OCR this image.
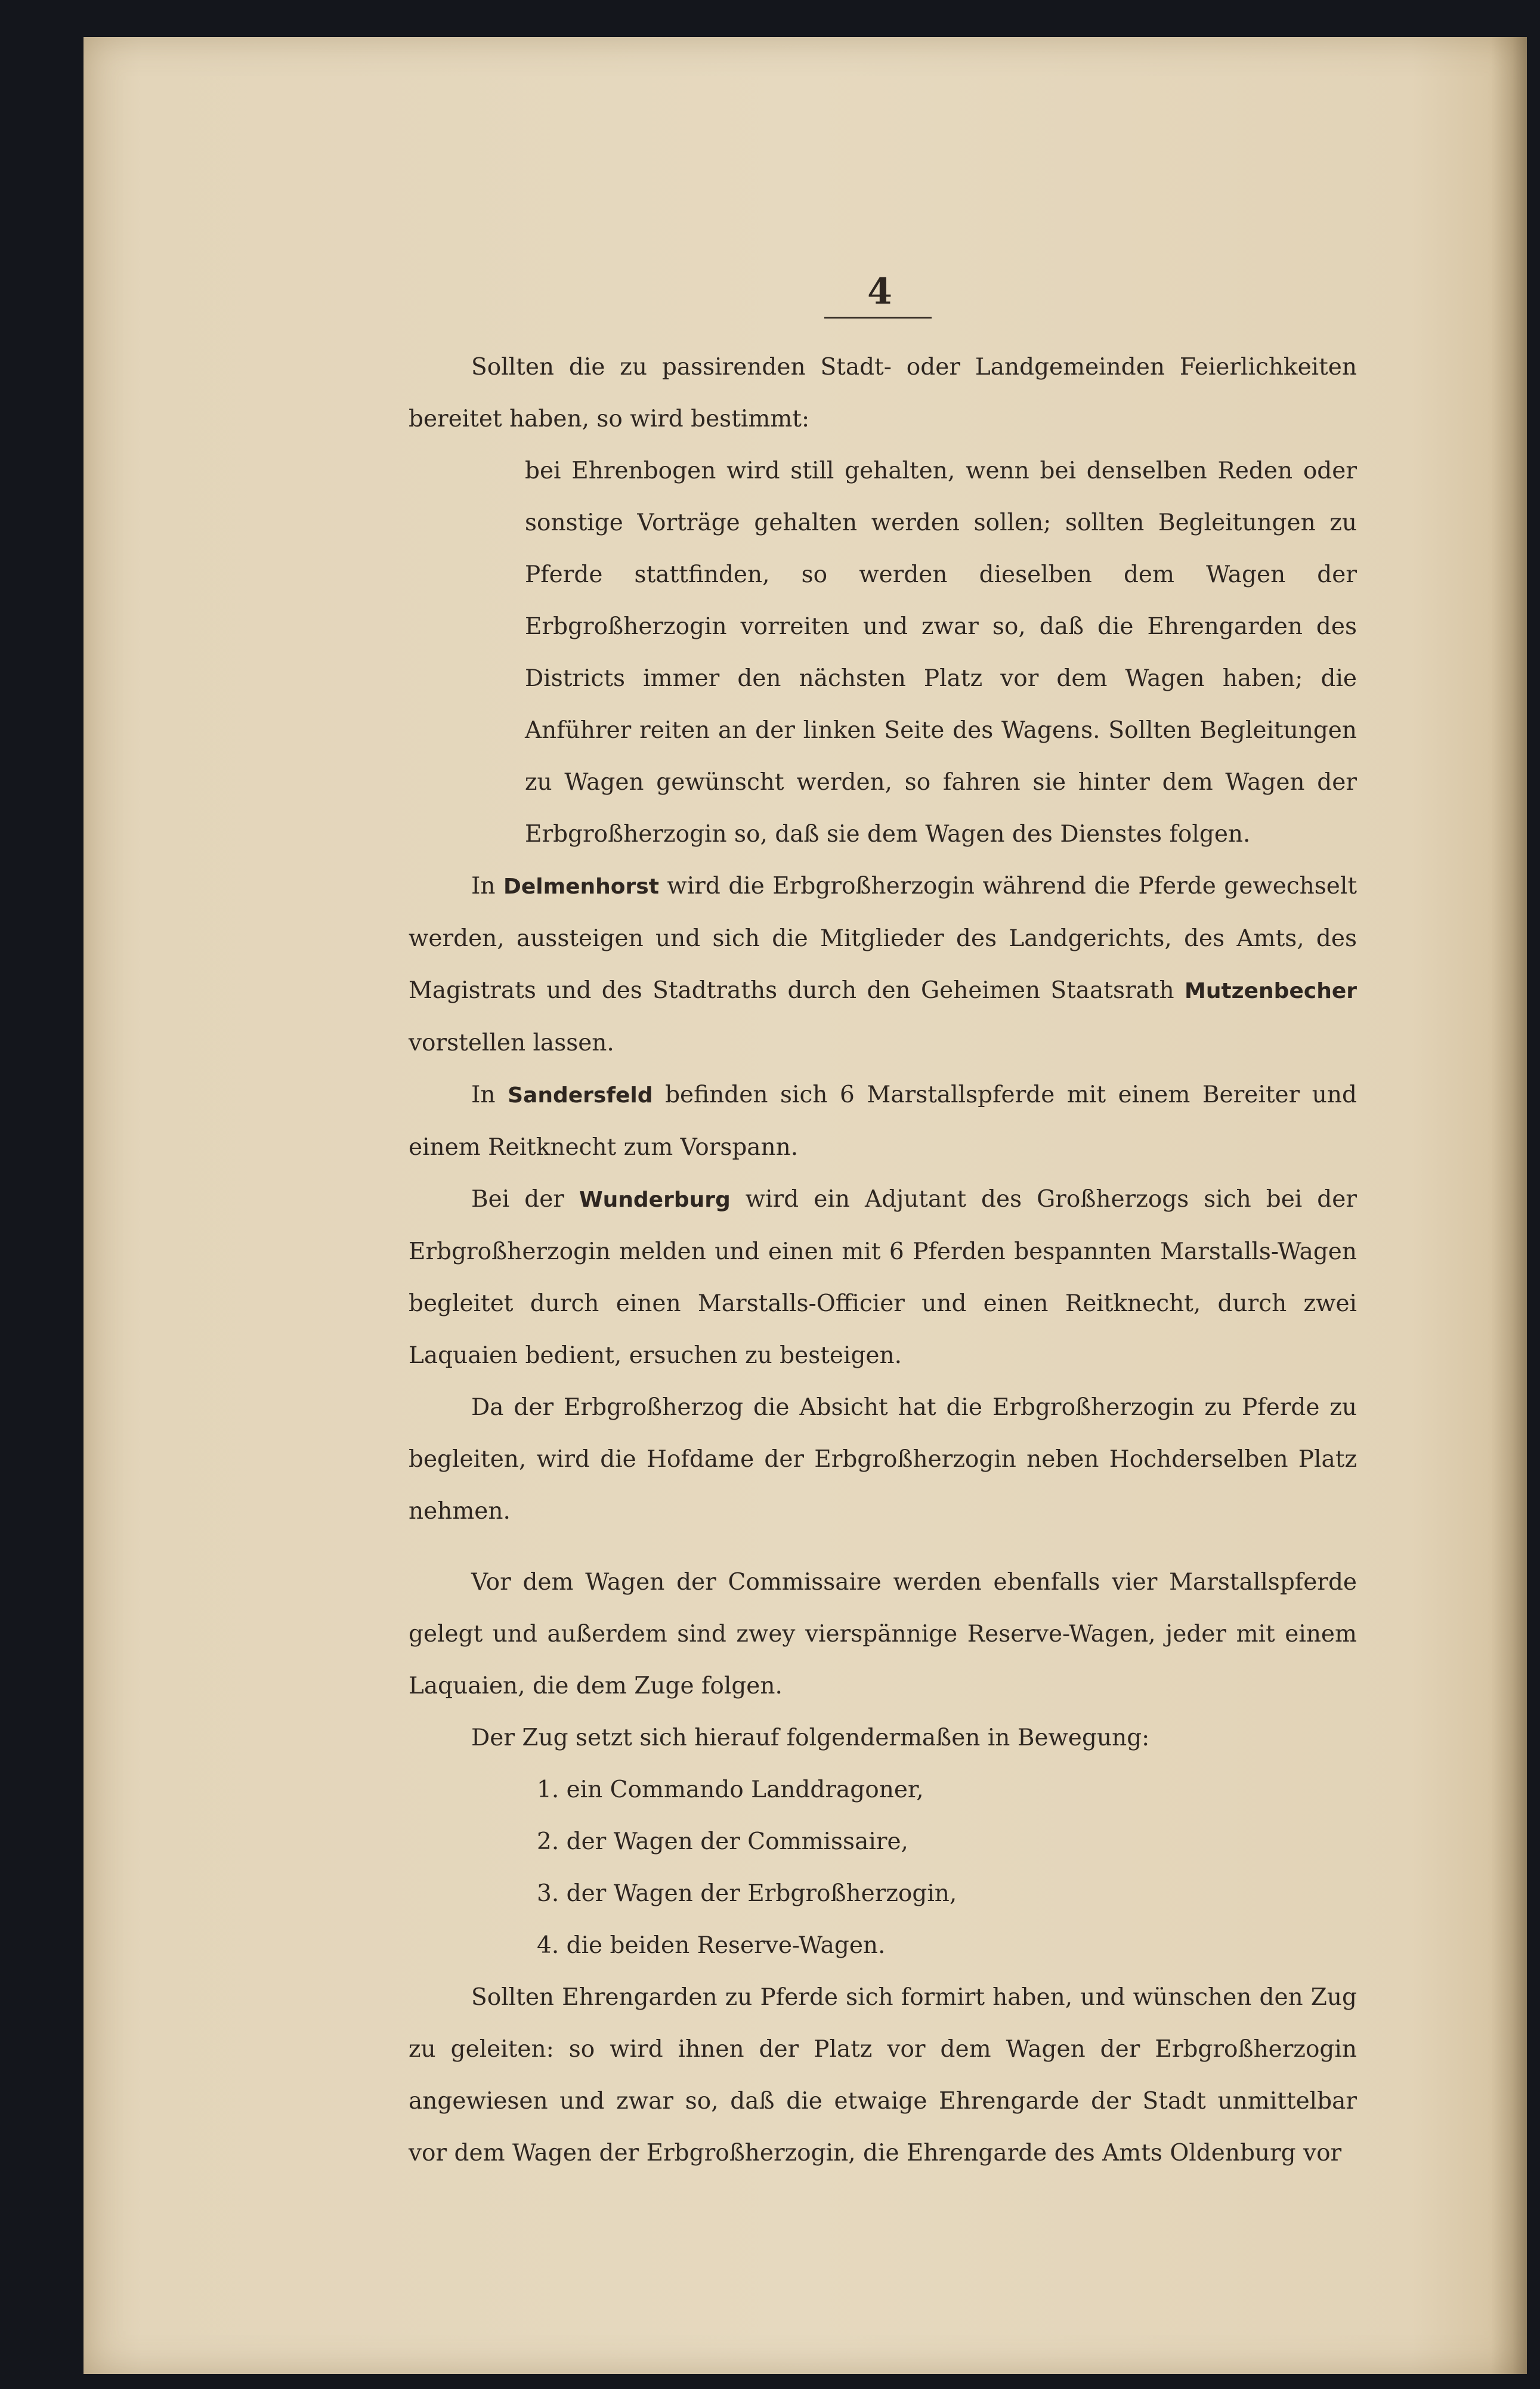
4

Sollten die zu passirenden Stadt- oder Landgemeinden Feierlichkeiten bereitet haben, so wird bestimmt:

bei Ehrenbogen wird still gehalten, wenn bei denselben Reden oder sonstige Vorträge gehalten werden sollen; sollten Begleitungen zu Pferde stattfinden, so werden dieselben dem Wagen der Erbgroßherzogin vorreiten und zwar so, daß die Ehrengarden des Districts immer den nächsten Platz vor dem Wagen haben; die Anführer reiten an der linken Seite des Wagens. Sollten Begleitungen zu Wagen gewünscht werden, so fahren sie hinter dem Wagen der Erbgroßherzogin so, daß sie dem Wagen des Dienstes folgen.

In Delmenhorst wird die Erbgroßherzogin während die Pferde gewechselt werden, aussteigen und sich die Mitglieder des Landgerichts, des Amts, des Magistrats und des Stadtraths durch den Geheimen Staatsrath Mutzenbecher vorstellen lassen.

In Sandersfeld befinden sich 6 Marstallspferde mit einem Bereiter und einem Reitknecht zum Vorspann.

Bei der Wunderburg wird ein Adjutant des Großherzogs sich bei der Erbgroßherzogin melden und einen mit 6 Pferden bespannten Marstalls-Wagen begleitet durch einen Marstalls-Officier und einen Reitknecht, durch zwei Laquaien bedient, ersuchen zu besteigen.

Da der Erbgroßherzog die Absicht hat die Erbgroßherzogin zu Pferde zu begleiten, wird die Hofdame der Erbgroßherzogin neben Hochderselben Platz nehmen.

Vor dem Wagen der Commissaire werden ebenfalls vier Marstallspferde gelegt und außerdem sind zwey vierspännige Reserve-Wagen, jeder mit einem Laquaien, die dem Zuge folgen.

Der Zug setzt sich hierauf folgendermaßen in Bewegung:

1. ein Commando Landdragoner,

2. der Wagen der Commissaire,

3. der Wagen der Erbgroßherzogin,

4. die beiden Reserve-Wagen.

Sollten Ehrengarden zu Pferde sich formirt haben, und wünschen den Zug zu geleiten: so wird ihnen der Platz vor dem Wagen der Erbgroßherzogin angewiesen und zwar so, daß die etwaige Ehrengarde der Stadt unmittelbar vor dem Wagen der Erbgroßherzogin, die Ehrengarde des Amts Oldenburg vor
